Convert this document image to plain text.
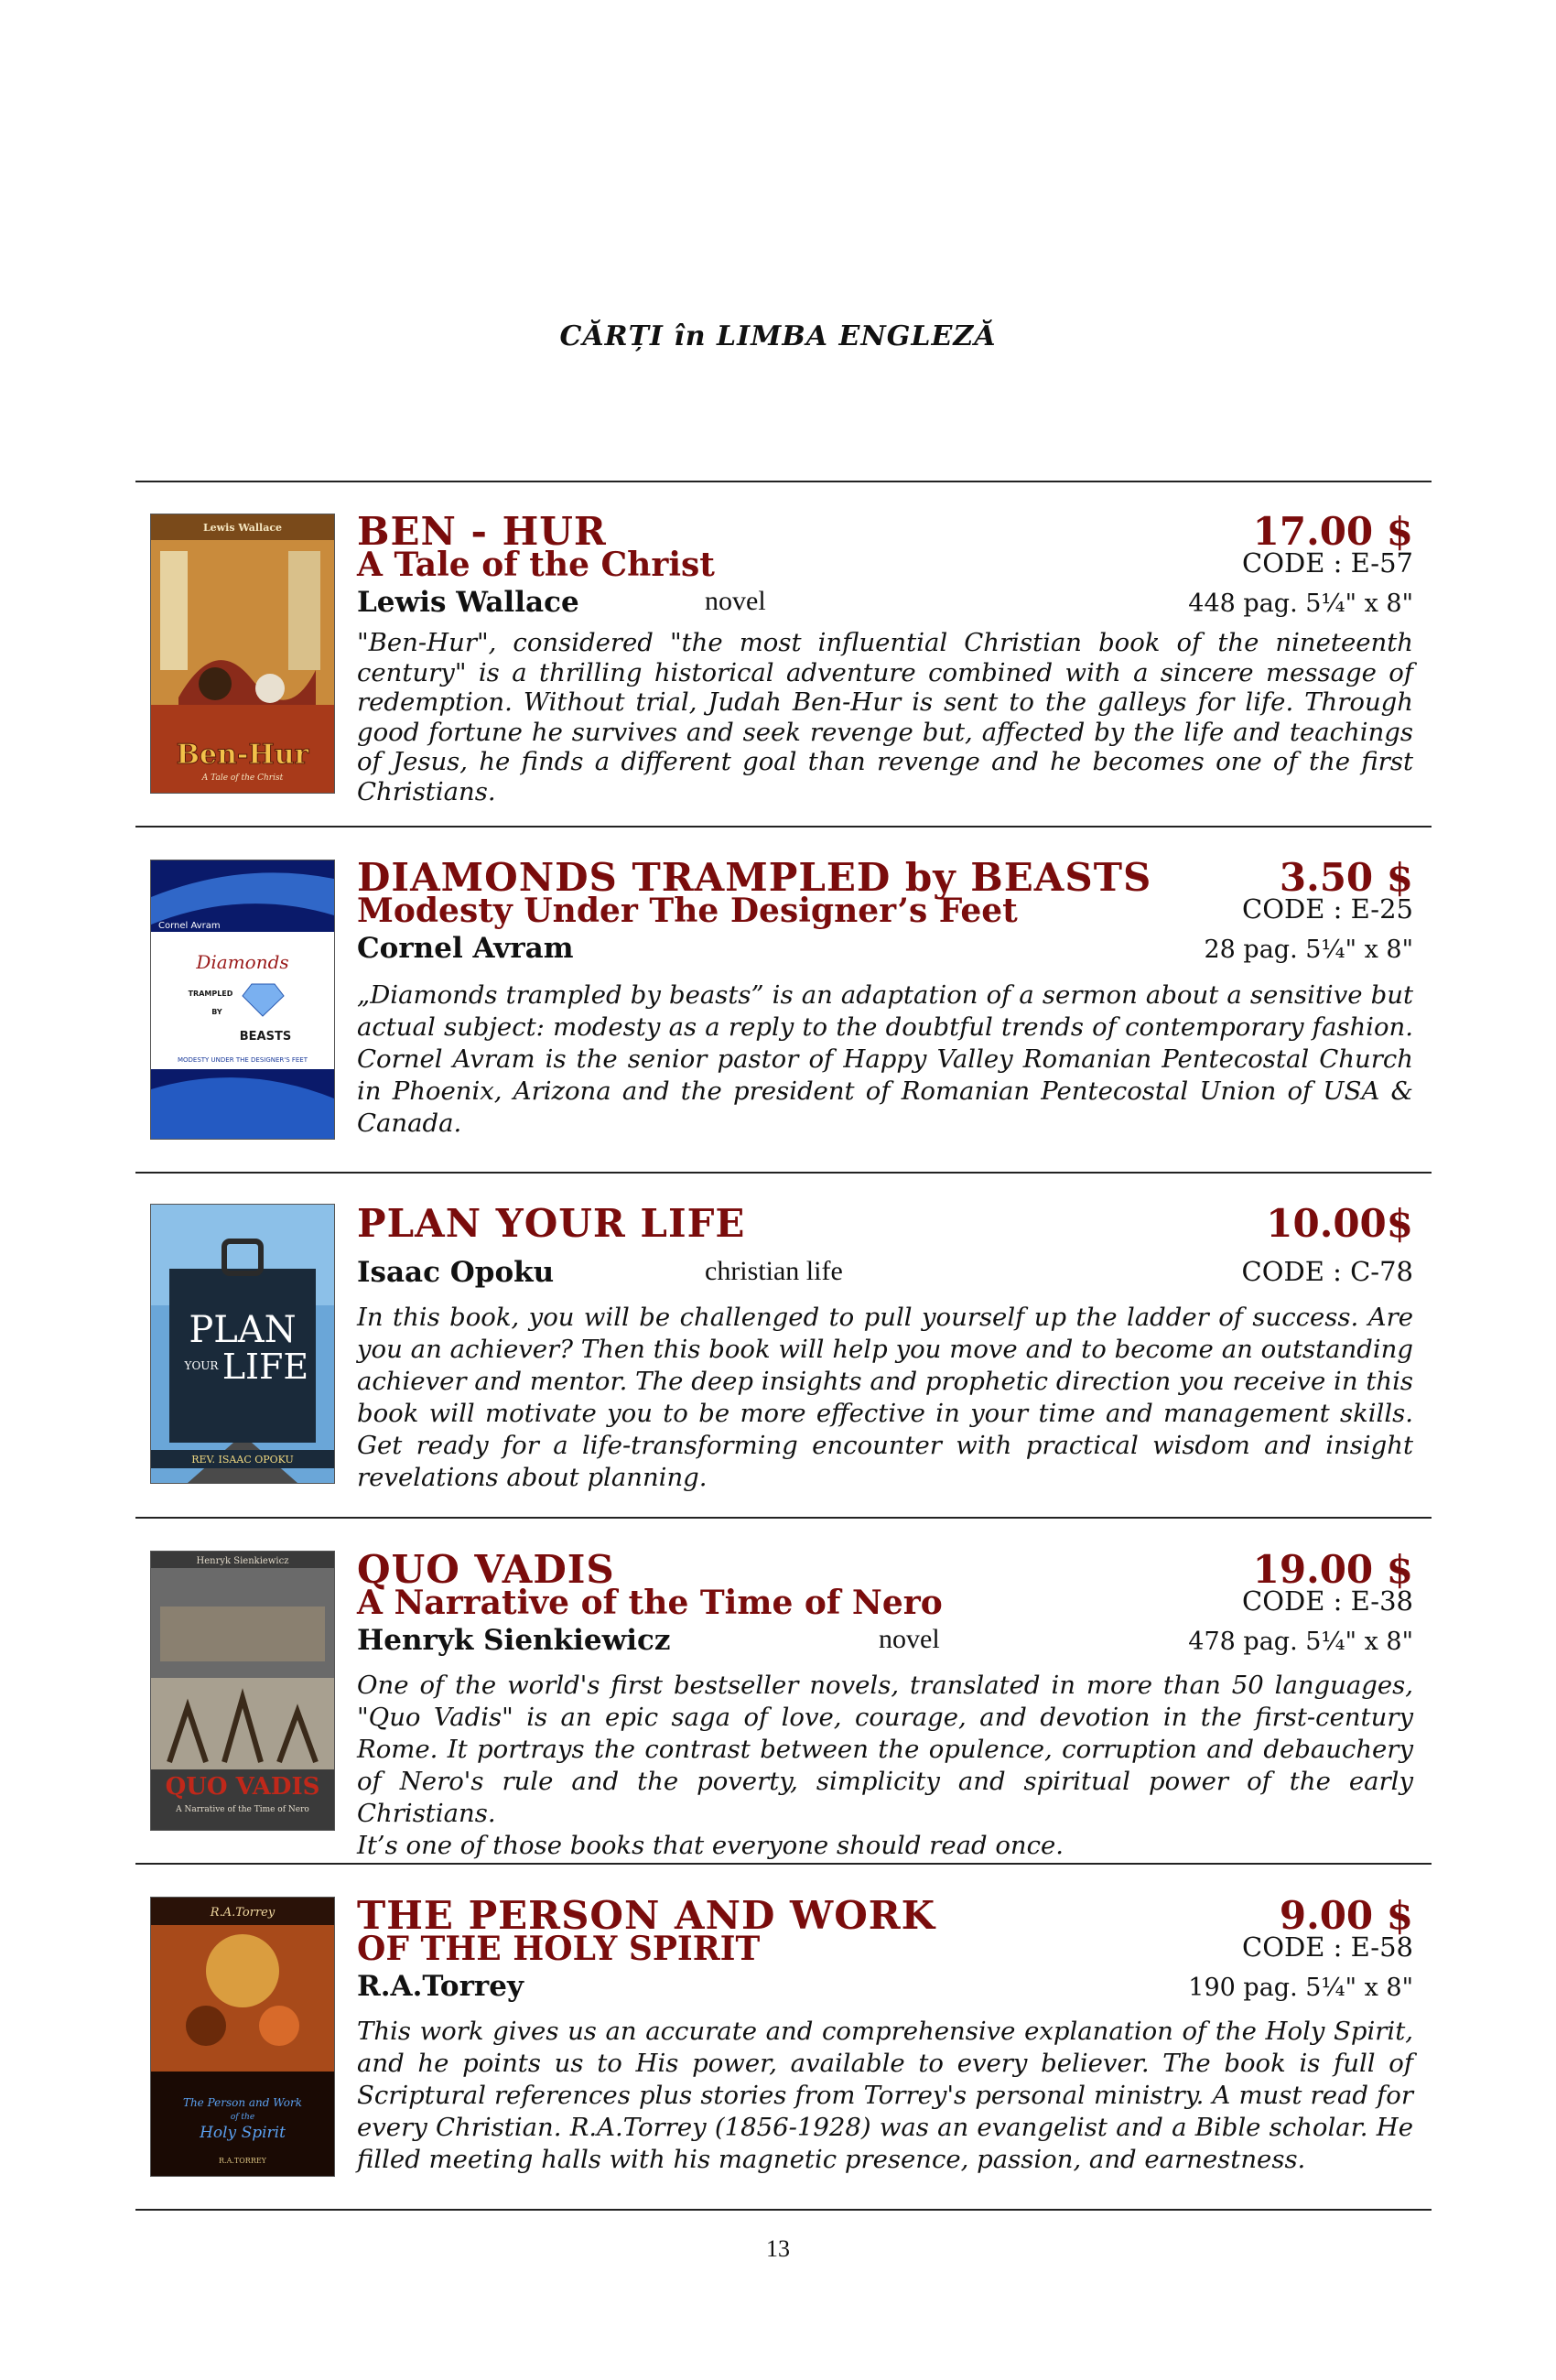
CĂRȚI în LIMBA ENGLEZĂ
Lewis Wallace
Ben-Hur
A Tale of the Christ
BEN - HUR	17.00 $
A Tale of the Christ	CODE : E-57
Lewis Wallace	novel	448 pag. 5¼" x 8"
"Ben-Hur", considered "the most influential Christian book of the nineteenth century" is a thrilling historical adventure combined with a sincere message of redemption. Without trial, Judah Ben-Hur is sent to the galleys for life. Through good fortune he survives and seek revenge but, affected by the life and teachings of Jesus, he finds a different goal than revenge and he becomes one of the first Christians.
Cornel Avram
Diamonds
TRAMPLED
BY
BEASTS
MODESTY UNDER THE DESIGNER'S FEET
DIAMONDS TRAMPLED by BEASTS	3.50 $
Modesty Under The Designer’s Feet	CODE : E-25
Cornel Avram	28 pag. 5¼" x 8"
„Diamonds trampled by beasts” is an adaptation of a sermon about a sensitive but actual subject: modesty as a reply to the doubtful trends of contemporary fashion. Cornel Avram is the senior pastor of Happy Valley Romanian Pentecostal Church in Phoenix, Arizona and the president of Romanian Pentecostal Union of USA & Canada.
PLAN
YOUR LIFE
REV. ISAAC OPOKU
PLAN YOUR LIFE	10.00$
Isaac Opoku	christian life	CODE : C-78
In this book, you will be challenged to pull yourself up the ladder of success. Are you an achiever? Then this book will help you move and to become an outstanding achiever and mentor. The deep insights and prophetic direction you receive in this book will motivate you to be more effective in your time and management skills. Get ready for a life-transforming encounter with practical wisdom and insight revelations about planning.
Henryk Sienkiewicz
QUO VADIS
A Narrative of the Time of Nero
QUO VADIS	19.00 $
A Narrative of the Time of Nero	CODE : E-38
Henryk Sienkiewicz	novel	478 pag. 5¼" x 8"
One of the world's first bestseller novels, translated in more than 50 languages, "Quo Vadis" is an epic saga of love, courage, and devotion in the first-century Rome. It portrays the contrast between the opulence, corruption and debauchery of Nero's rule and the poverty, simplicity and spiritual power of the early Christians.

It’s one of those books that everyone should read once.
R.A.Torrey
The Person and Work
of the
Holy Spirit
R.A.TORREY
THE PERSON AND WORK	9.00 $
OF THE HOLY SPIRIT	CODE : E-58
R.A.Torrey	190 pag. 5¼" x 8"
This work gives us an accurate and comprehensive explanation of the Holy Spirit, and he points us to His power, available to every believer. The book is full of Scriptural references plus stories from Torrey's personal ministry. A must read for every Christian. R.A.Torrey (1856-1928) was an evangelist and a Bible scholar. He filled meeting halls with his magnetic presence, passion, and earnestness.
13
